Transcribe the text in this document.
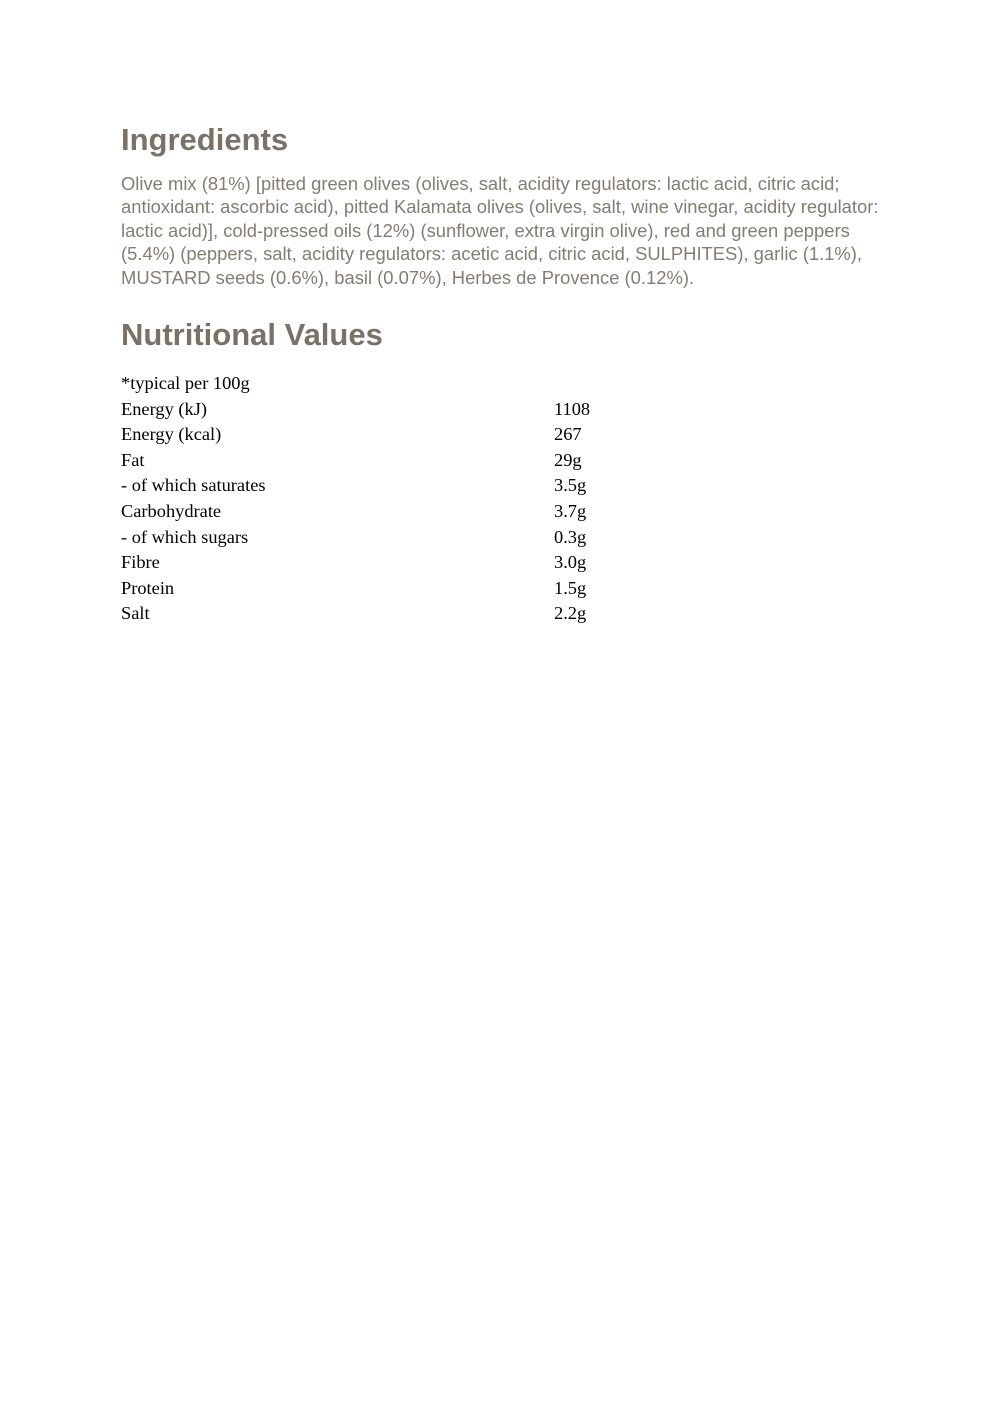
Ingredients

Olive mix (81%) [pitted green olives (olives, salt, acidity regulators: lactic acid, citric acid; antioxidant: ascorbic acid), pitted Kalamata olives (olives, salt, wine vinegar, acidity regulator: lactic acid)], cold-pressed oils (12%) (sunflower, extra virgin olive), red and green peppers (5.4%) (peppers, salt, acidity regulators: acetic acid, citric acid, SULPHITES), garlic (1.1%), MUSTARD seeds (0.6%), basil (0.07%), Herbes de Provence (0.12%).

Nutritional Values
*typical per 100g
Energy (kJ)	1108
Energy (kcal)	267
Fat	29g
- of which saturates	3.5g
Carbohydrate	3.7g
- of which sugars	0.3g
Fibre	3.0g
Protein	1.5g
Salt	2.2g
